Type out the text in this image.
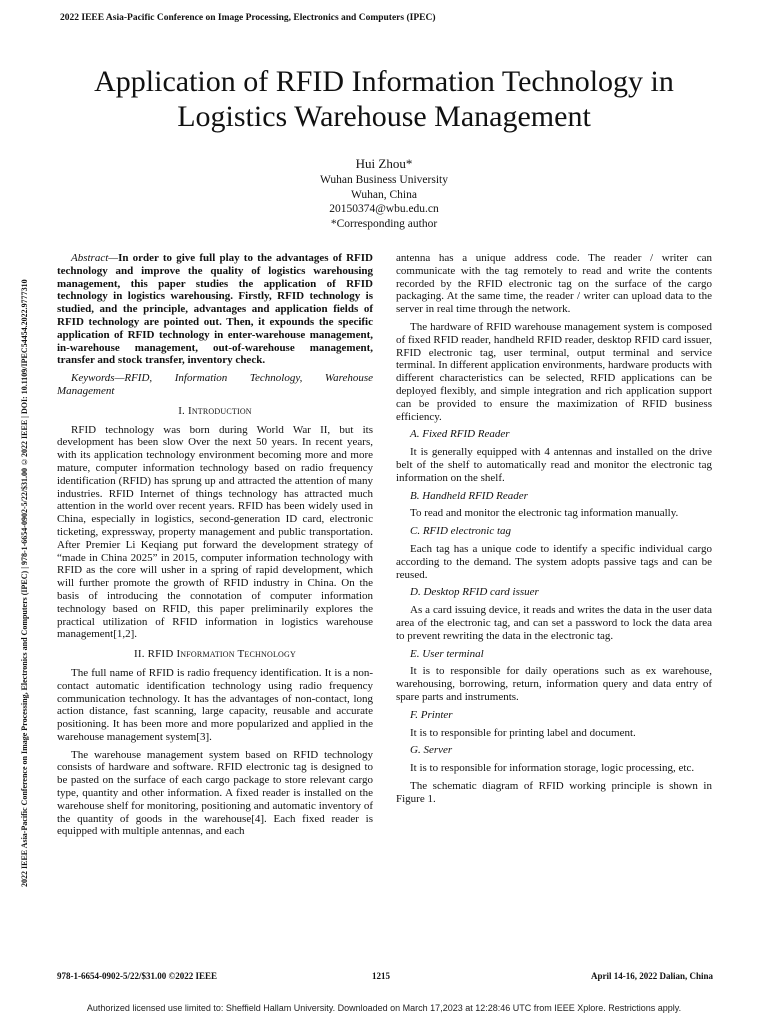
2022 IEEE Asia-Pacific Conference on Image Processing, Electronics and Computers (IPEC)
2022 IEEE Asia-Pacific Conference on Image Processing, Electronics and Computers (IPEC) | 978-1-6654-0902-5/22/$31.00 ©2022 IEEE | DOI: 10.1109/IPEC54454.2022.9777310
Application of RFID Information Technology in Logistics Warehouse Management
Hui Zhou*
Wuhan Business University
Wuhan, China
20150374@wbu.edu.cn
*Corresponding author

Abstract—In order to give full play to the advantages of RFID technology and improve the quality of logistics warehousing management, this paper studies the application of RFID technology in logistics warehousing. Firstly, RFID technology is studied, and the principle, advantages and application fields of RFID technology are pointed out. Then, it expounds the specific application of RFID technology in enter-warehouse management, in-warehouse management, out-of-warehouse management, transfer and stock transfer, inventory check.

Keywords—RFID, Information Technology, Warehouse Management

I. Introduction

RFID technology was born during World War II, but its development has been slow Over the next 50 years. In recent years, with its application technology environment becoming more and more mature, computer information technology based on radio frequency identification (RFID) has sprung up and attracted the attention of many industries. RFID Internet of things technology has attracted much attention in the world over recent years. RFID has been widely used in China, especially in logistics, second-generation ID card, electronic ticketing, expressway, property management and public transportation. After Premier Li Keqiang put forward the development strategy of “made in China 2025” in 2015, computer information technology with RFID as the core will usher in a spring of rapid development, which will further promote the growth of RFID industry in China. On the basis of introducing the connotation of computer information technology based on RFID, this paper preliminarily explores the practical utilization of RFID information in logistics warehouse management[1,2].

II. RFID Information Technology

The full name of RFID is radio frequency identification. It is a non-contact automatic identification technology using radio frequency communication technology. It has the advantages of non-contact, long action distance, fast scanning, large capacity, reusable and accurate positioning. It has been more and more popularized and applied in the warehouse management system[3].

The warehouse management system based on RFID technology consists of hardware and software. RFID electronic tag is designed to be pasted on the surface of each cargo package to store relevant cargo type, quantity and other information. A fixed reader is installed on the warehouse shelf for monitoring, positioning and automatic inventory of the quantity of goods in the warehouse[4]. Each fixed reader is equipped with multiple antennas, and each

antenna has a unique address code. The reader / writer can communicate with the tag remotely to read and write the contents recorded by the RFID electronic tag on the surface of the cargo packaging. At the same time, the reader / writer can upload data to the server in real time through the network.

The hardware of RFID warehouse management system is composed of fixed RFID reader, handheld RFID reader, desktop RFID card issuer, RFID electronic tag, user terminal, output terminal and service terminal. In different application environments, hardware products with different characteristics can be selected, RFID applications can be deployed flexibly, and simple integration and rich application support can be provided to ensure the maximization of RFID business efficiency.

A. Fixed RFID Reader

It is generally equipped with 4 antennas and installed on the drive belt of the shelf to automatically read and monitor the electronic tag information on the shelf.

B. Handheld RFID Reader

To read and monitor the electronic tag information manually.

C. RFID electronic tag

Each tag has a unique code to identify a specific individual cargo according to the demand. The system adopts passive tags and can be reused.

D. Desktop RFID card issuer

As a card issuing device, it reads and writes the data in the user data area of the electronic tag, and can set a password to lock the data area to prevent rewriting the data in the electronic tag.

E. User terminal

It is to responsible for daily operations such as ex warehouse, warehousing, borrowing, return, information query and data entry of spare parts and instruments.

F. Printer

It is to responsible for printing label and document.

G. Server

It is to responsible for information storage, logic processing, etc.

The schematic diagram of RFID working principle is shown in Figure 1.

978-1-6654-0902-5/22/$31.00 ©2022 IEEE	1215	April 14-16, 2022 Dalian, China
Authorized licensed use limited to: Sheffield Hallam University. Downloaded on March 17,2023 at 12:28:46 UTC from IEEE Xplore. Restrictions apply.
